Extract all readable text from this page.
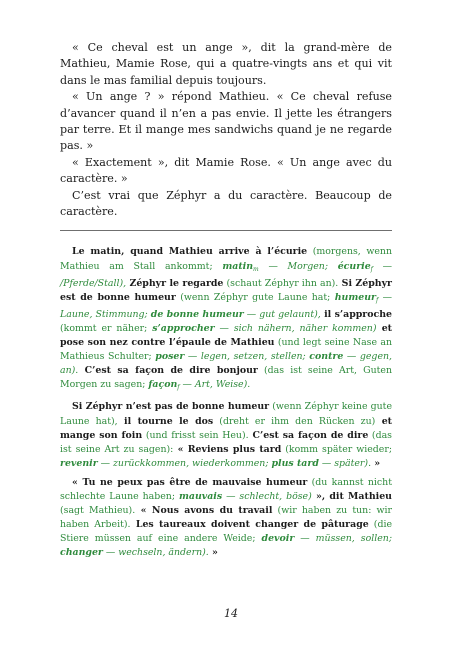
« Ce cheval est un ange », dit la grand-mère de Mathieu, Mamie Rose, qui a quatre-vingts ans et qui vit dans le mas familial depuis toujours.

« Un ange ? » répond Mathieu. « Ce cheval refuse d’avancer quand il n’en a pas envie. Il jette les étrangers par terre. Et il mange mes sandwichs quand je ne regarde pas. »

« Exactement », dit Mamie Rose. « Un ange avec du caractère. »

C’est vrai que Zéphyr a du caractère. Beaucoup de caractère.

Le matin, quand Mathieu arrive à l’écurie (morgens, wenn Mathieu am Stall ankommt; matin$_m$ — Morgen; écurie$_f$ — /Pferde/Stall), Zéphyr le regarde (schaut Zéphyr ihn an). Si Zéphyr est de bonne humeur (wenn Zéphyr gute Laune hat; humeur$_f$ — Laune, Stimmung; de bonne humeur — gut gelaunt), il s’approche (kommt er näher; s’approcher — sich nähern, näher kommen) et pose son nez contre l’épaule de Mathieu (und legt seine Nase an Mathieus Schulter; poser — legen, setzen, stellen; contre — gegen, an). C’est sa façon de dire bonjour (das ist seine Art, Guten Morgen zu sagen; façon$_f$ — Art, Weise).

Si Zéphyr n’est pas de bonne humeur (wenn Zéphyr keine gute Laune hat), il tourne le dos (dreht er ihm den Rücken zu) et mange son foin (und frisst sein Heu). C’est sa façon de dire (das ist seine Art zu sagen): « Reviens plus tard (komm später wieder; revenir — zurückkommen, wiederkommen; plus tard — später). »

« Tu ne peux pas être de mauvaise humeur (du kannst nicht schlechte Laune haben; mauvais — schlecht, böse) », dit Mathieu (sagt Mathieu). « Nous avons du travail (wir haben zu tun: wir haben Arbeit). Les taureaux doivent changer de pâturage (die Stiere müssen auf eine andere Weide; devoir — müssen, sollen; changer — wechseln, ändern). »

14
